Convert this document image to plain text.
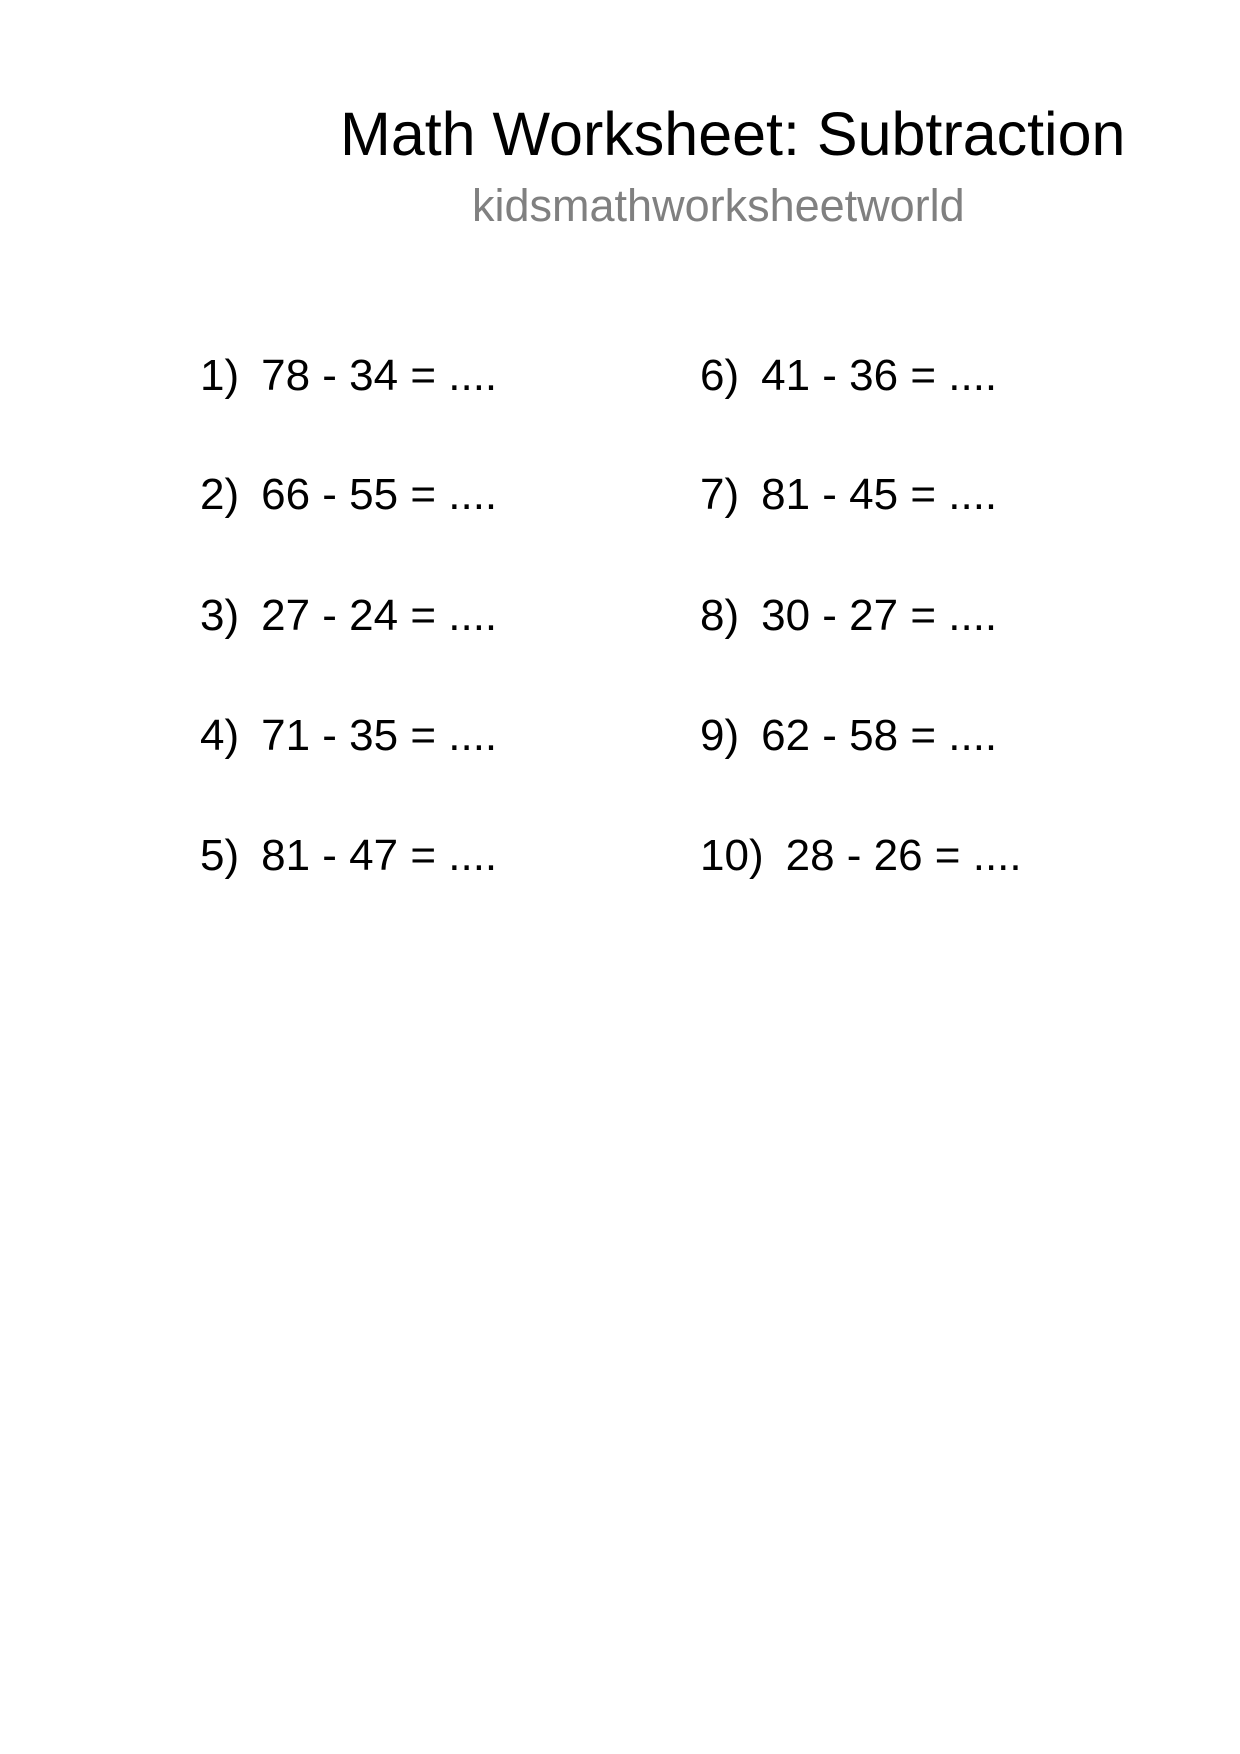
Math Worksheet: Subtraction
kidsmathworksheetworld
1) 78 - 34 = ....
2) 66 - 55 = ....
3) 27 - 24 = ....
4) 71 - 35 = ....
5) 81 - 47 = ....
6) 41 - 36 = ....
7) 81 - 45 = ....
8) 30 - 27 = ....
9) 62 - 58 = ....
10) 28 - 26 = ....
